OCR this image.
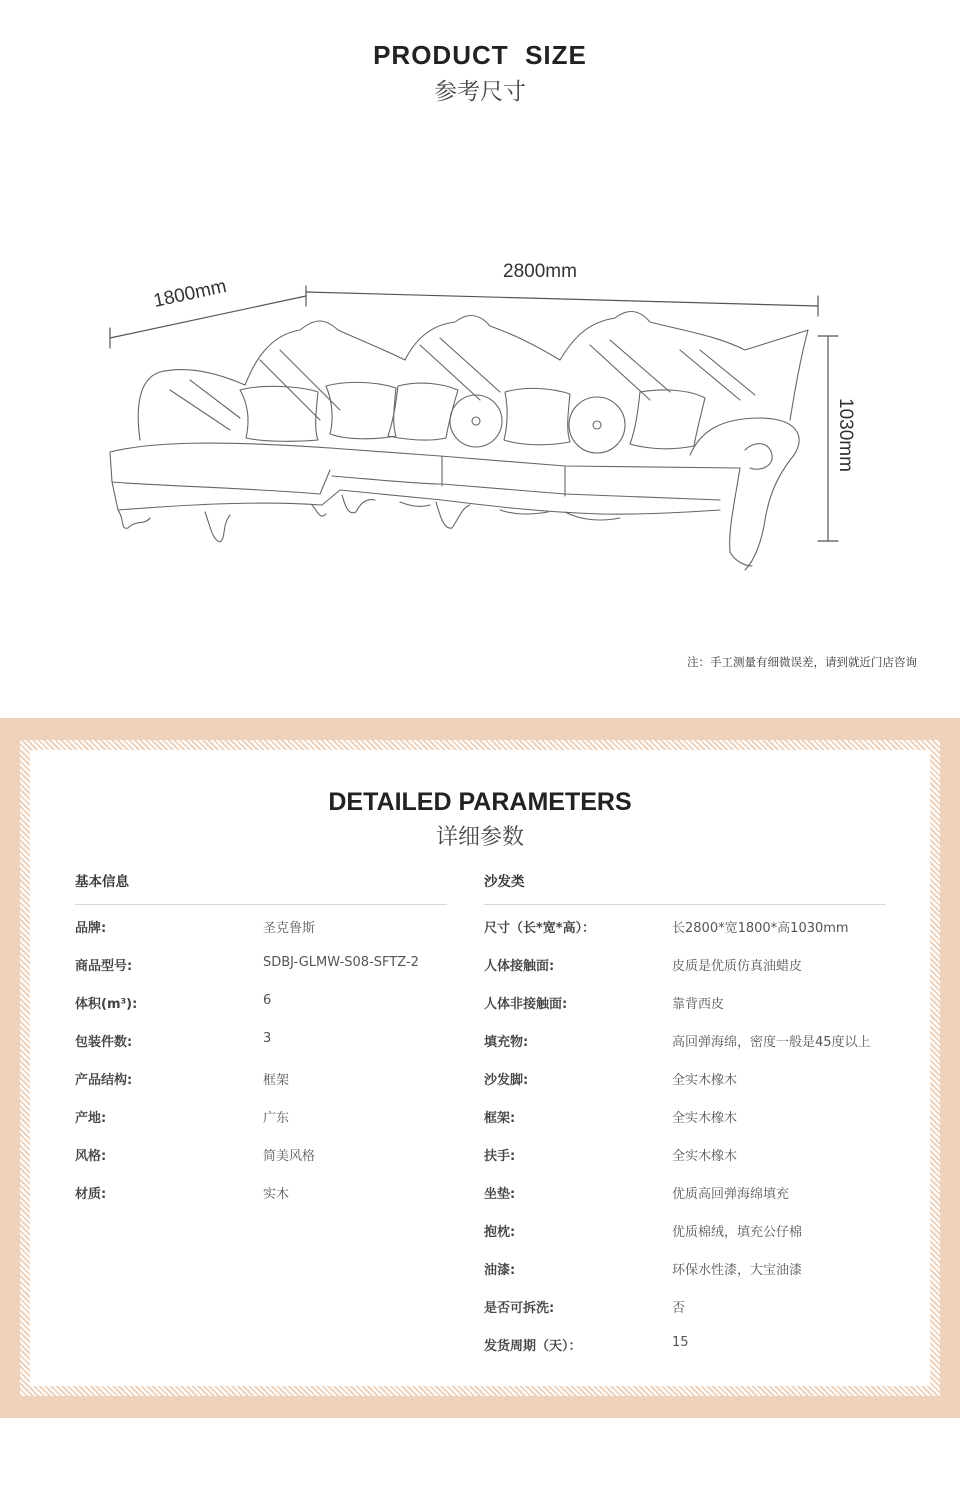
PRODUCT  SIZE
参考尺寸
1800mm
2800mm
1030mm
注：手工测量有细微误差，请到就近门店咨询
DETAILED PARAMETERS
详细参数
基本信息
品牌:	圣克鲁斯
商品型号:	SDBJ-GLMW-S08-SFTZ-2
体积(m³):	6
包装件数:	3
产品结构:	框架
产地:	广东
风格:	简美风格
材质:	实木
沙发类
尺寸（长*宽*高）：	长2800*宽1800*高1030mm
人体接触面:	皮质是优质仿真油蜡皮
人体非接触面:	靠背西皮
填充物:	高回弹海绵，密度一般是45度以上
沙发脚:	全实木橡木
框架:	全实木橡木
扶手:	全实木橡木
坐垫:	优质高回弹海绵填充
抱枕:	优质棉绒，填充公仔棉
油漆:	环保水性漆，大宝油漆
是否可拆洗:	否
发货周期（天）：	15
